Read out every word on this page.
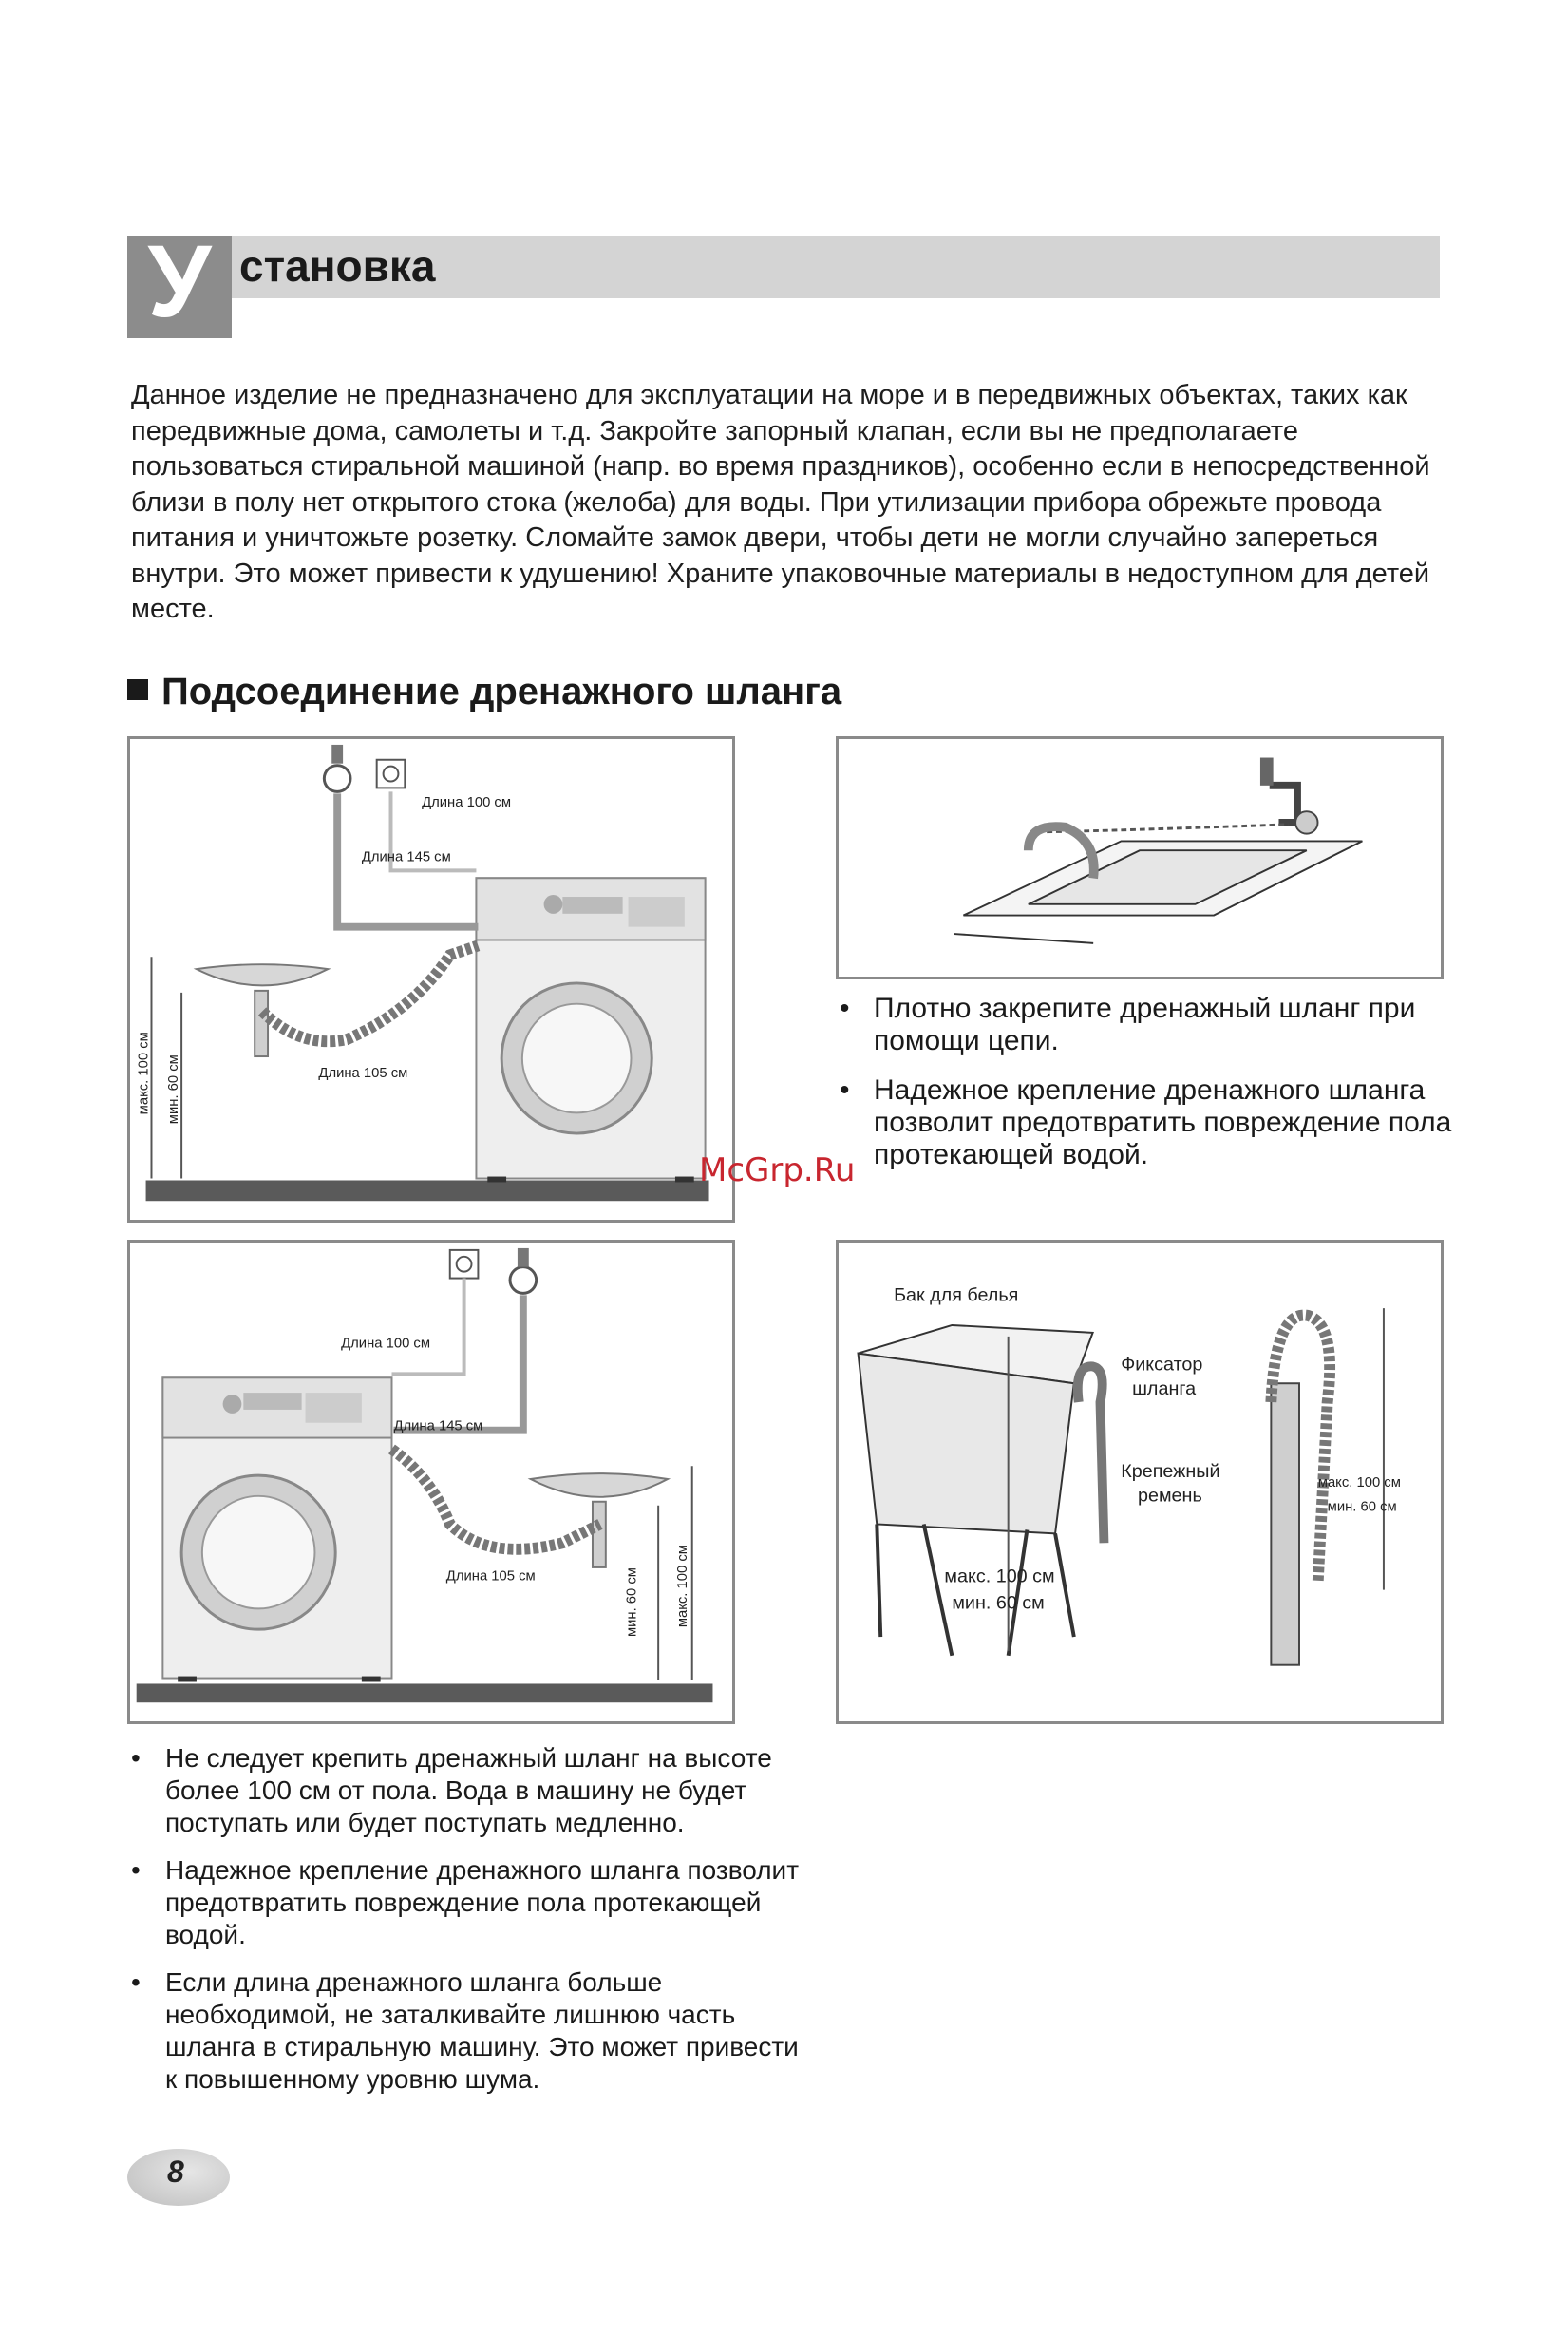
У становка
Данное изделие не предназначено для эксплуатации на море и в передвижных объектах, таких как передвижные дома, самолеты и т.д. Закройте запорный клапан, если вы не предполагаете пользоваться стиральной машиной (напр. во время праздников), особенно если в непосредственной близи в полу нет открытого стока (желоба) для воды. При утилизации прибора обрежьте провода питания и уничтожьте розетку. Сломайте замок двери, чтобы дети не могли случайно запереться внутри. Это может привести к удушению! Храните упаковочные материалы в недоступном для детей месте.
Подсоединение дренажного шланга
Длина 100 см
Длина 145 см
Длина 105 см
макс. 100 см мин. 60 см
Длина 100 см
Длина 145 см
Длина 105 см	макс. 100 см
мин. 60 см
Бак для белья
макс. 100 см
мин. 60 см
Фиксатор
шланга
Крепежный
ремень
макс. 100 см
мин. 60 см
• Плотно закрепите дренажный шланг при помощи цепи.
• Надежное крепление дренажного шланга позволит предотвратить повреждение пола протекающей водой.
• Не следует крепить дренажный шланг на высоте более 100 см от пола. Вода в машину не будет поступать или будет поступать медленно.
• Надежное крепление дренажного шланга позволит предотвратить повреждение пола протекающей водой.
• Если длина дренажного шланга больше необходимой, не заталкивайте лишнюю часть шланга в стиральную машину. Это может привести к повышенному уровню шума.
McGrp.Ru
8
